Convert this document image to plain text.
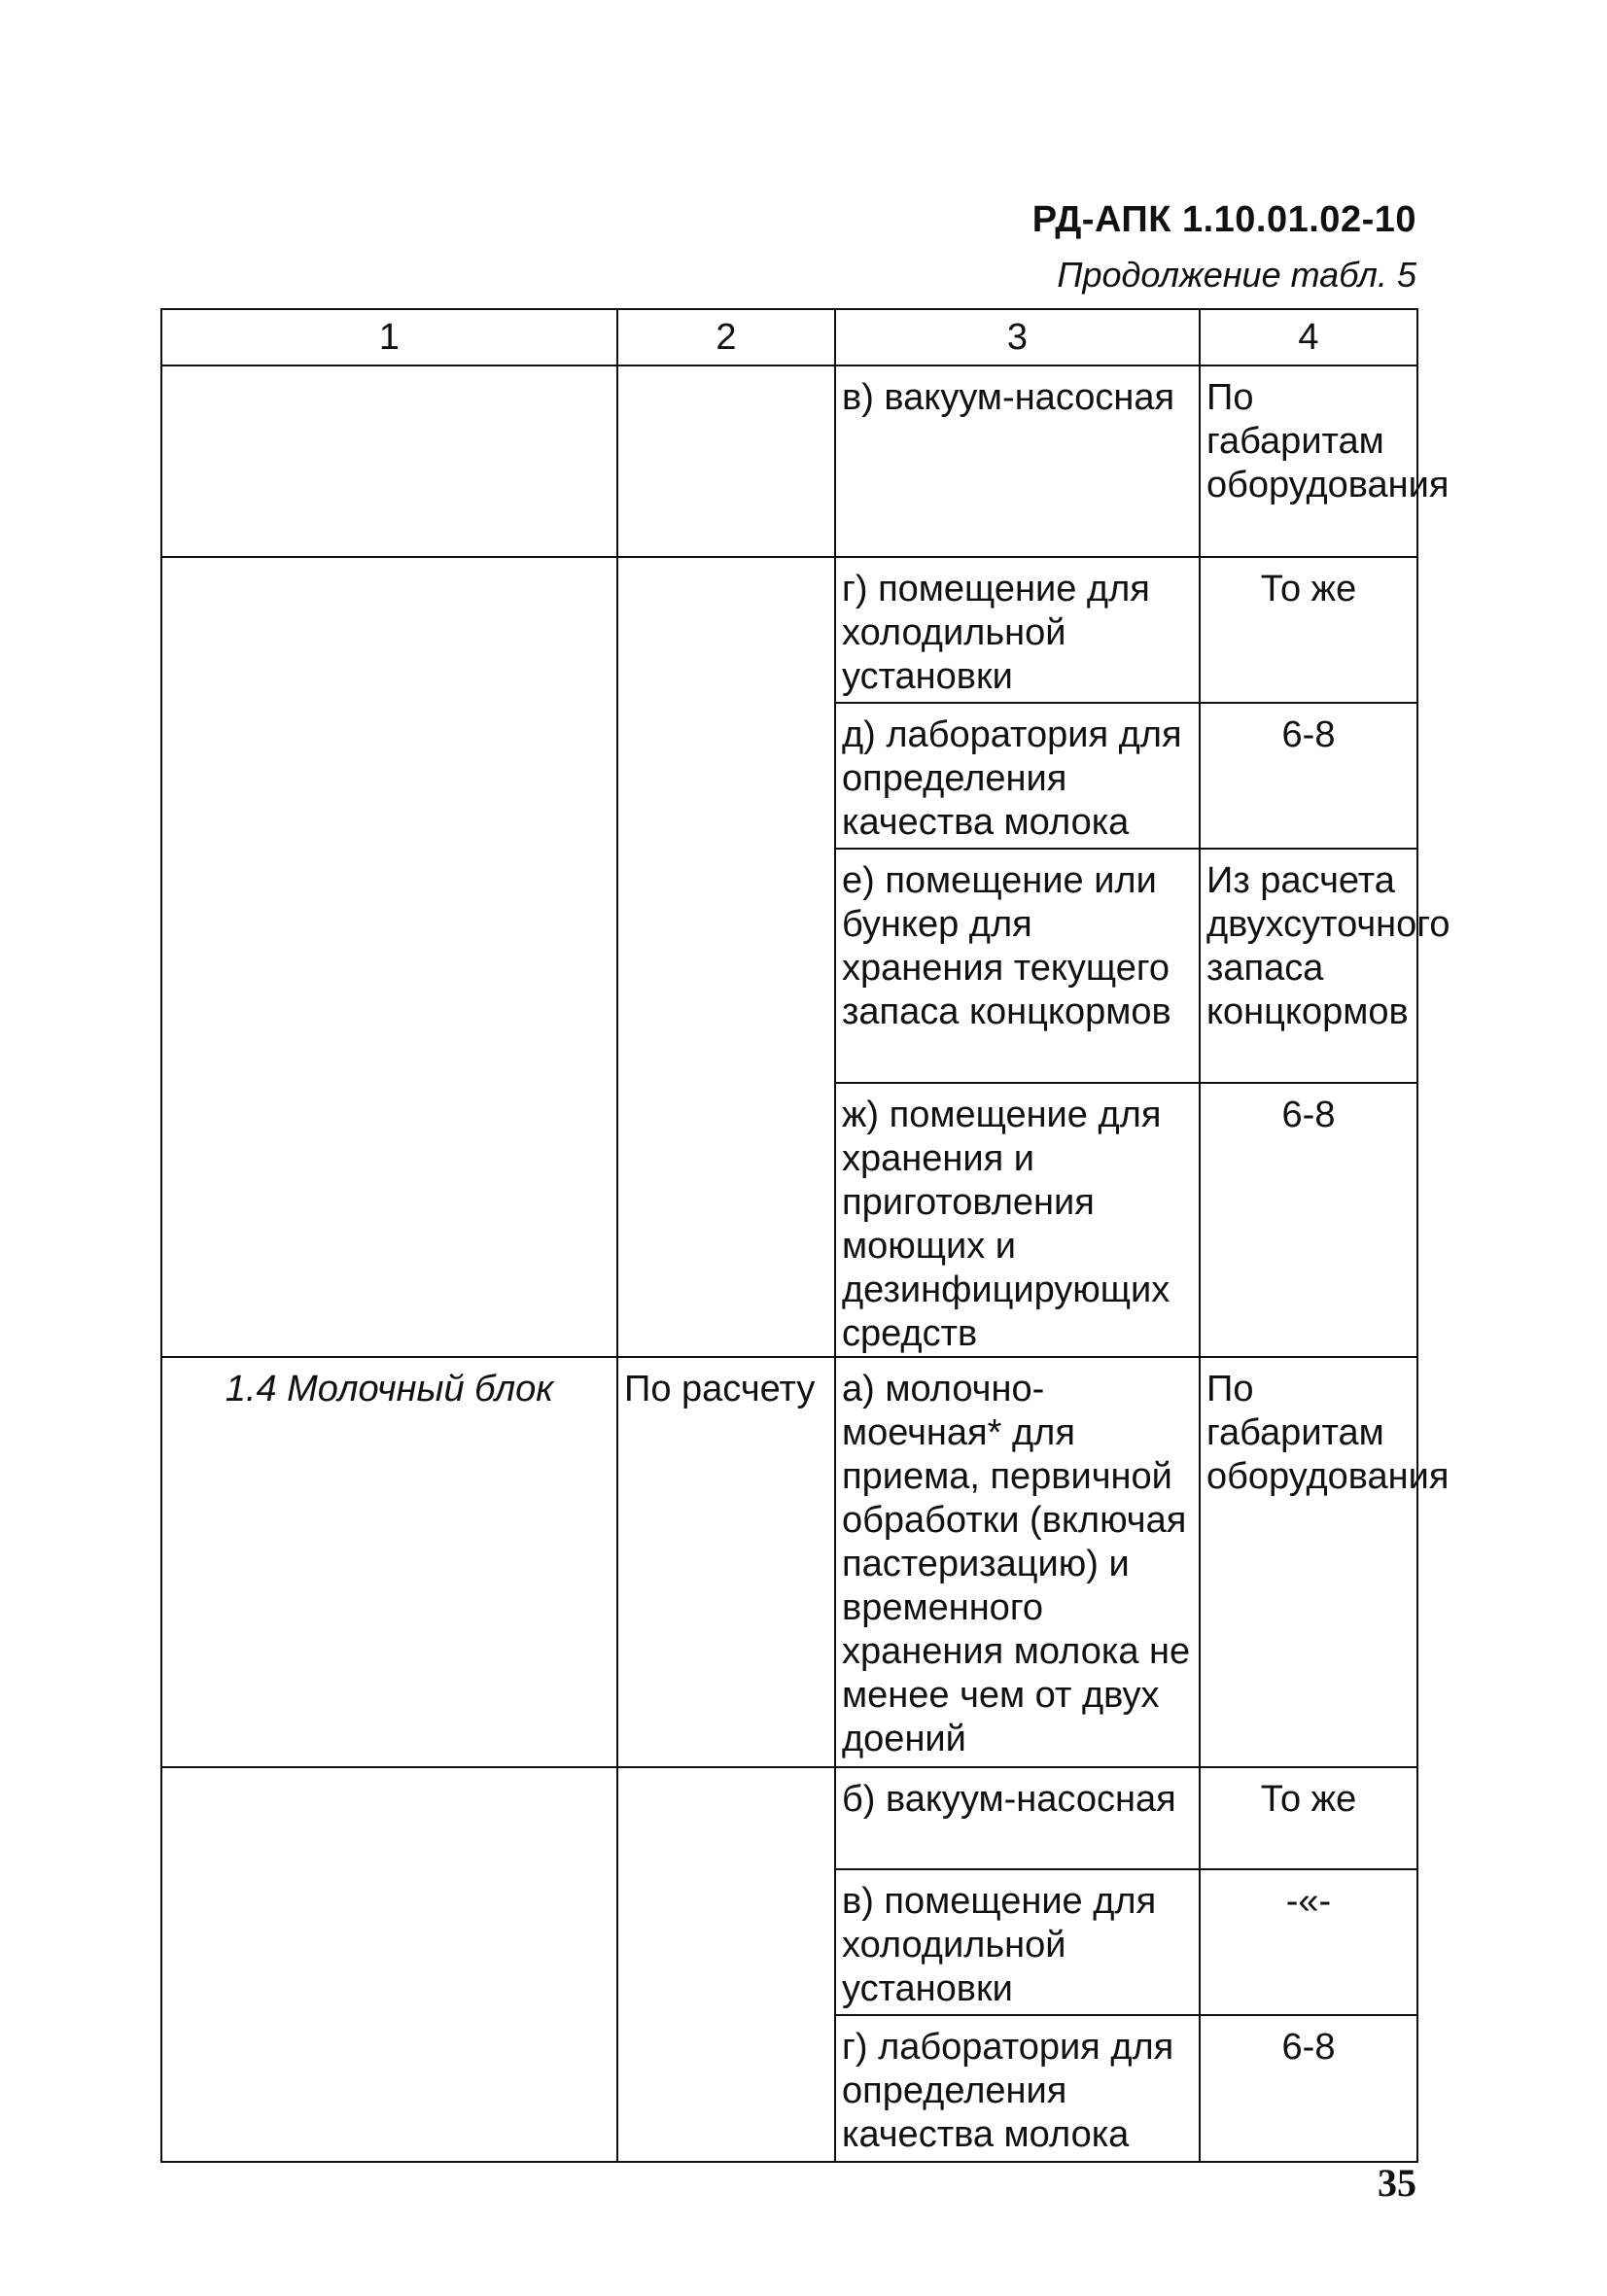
РД-АПК 1.10.01.02-10
Продолжение табл. 5
1	2	3	4
		в) вакуум-насосная	По габаритам оборудования
		г) помещение для холодильной установки	То же
		д) лаборатория для определения качества молока	6-8
		е) помещение или бункер для хранения текущего запаса концкормов	Из расчета двухсуточного запаса концкормов
		ж) помещение для хранения и приготовления моющих и дезинфицирующих средств	6-8
1.4 Молочный блок	По расчету	а) молочно-моечная* для приема, первичной обработки (включая пастеризацию) и временного хранения молока не менее чем от двух доений	По габаритам оборудования
		б) вакуум-насосная	То же
		в) помещение для холодильной установки	-«-
		г) лаборатория для определения качества молока	6-8
35
